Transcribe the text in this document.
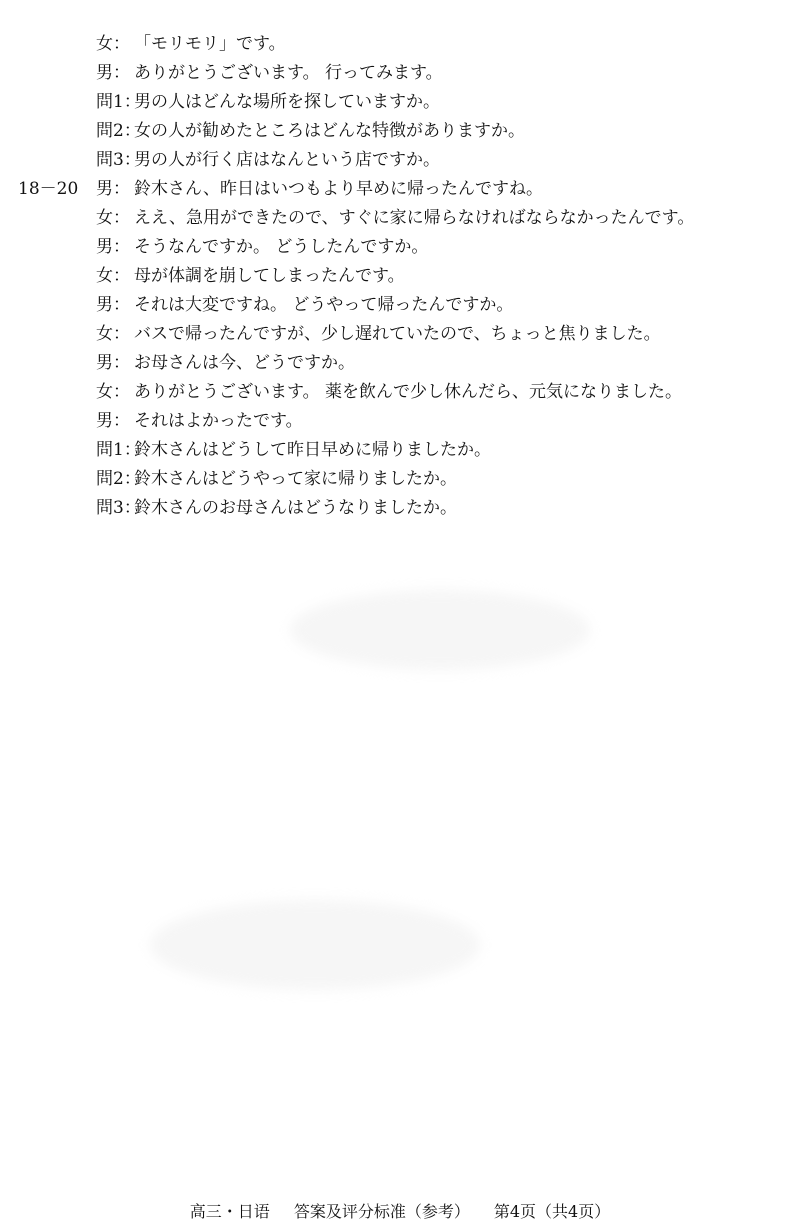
女： 「モリモリ」です。
男： ありがとうございます。 行ってみます。
問1：
男の人はどんな場所を探していますか。
問2：
女の人が勧めたところはどんな特徴がありますか。
問3：
男の人が行く店はなんという店ですか。
18－20	男： 鈴木さん、昨日はいつもより早めに帰ったんですね。
女： ええ、急用ができたので、すぐに家に帰らなければならなかったんです。
男： そうなんですか。 どうしたんですか。
女： 母が体調を崩してしまったんです。
男： それは大変ですね。 どうやって帰ったんですか。
女： バスで帰ったんですが、少し遅れていたので、ちょっと焦りました。
男： お母さんは今、どうですか。
女： ありがとうございます。 薬を飲んで少し休んだら、元気になりました。
男： それはよかったです。
問1：
鈴木さんはどうして昨日早めに帰りましたか。
問2：
鈴木さんはどうやって家に帰りましたか。
問3：
鈴木さんのお母さんはどうなりましたか。
高三・日语 答案及评分标准（参考） 第4页（共4页）
